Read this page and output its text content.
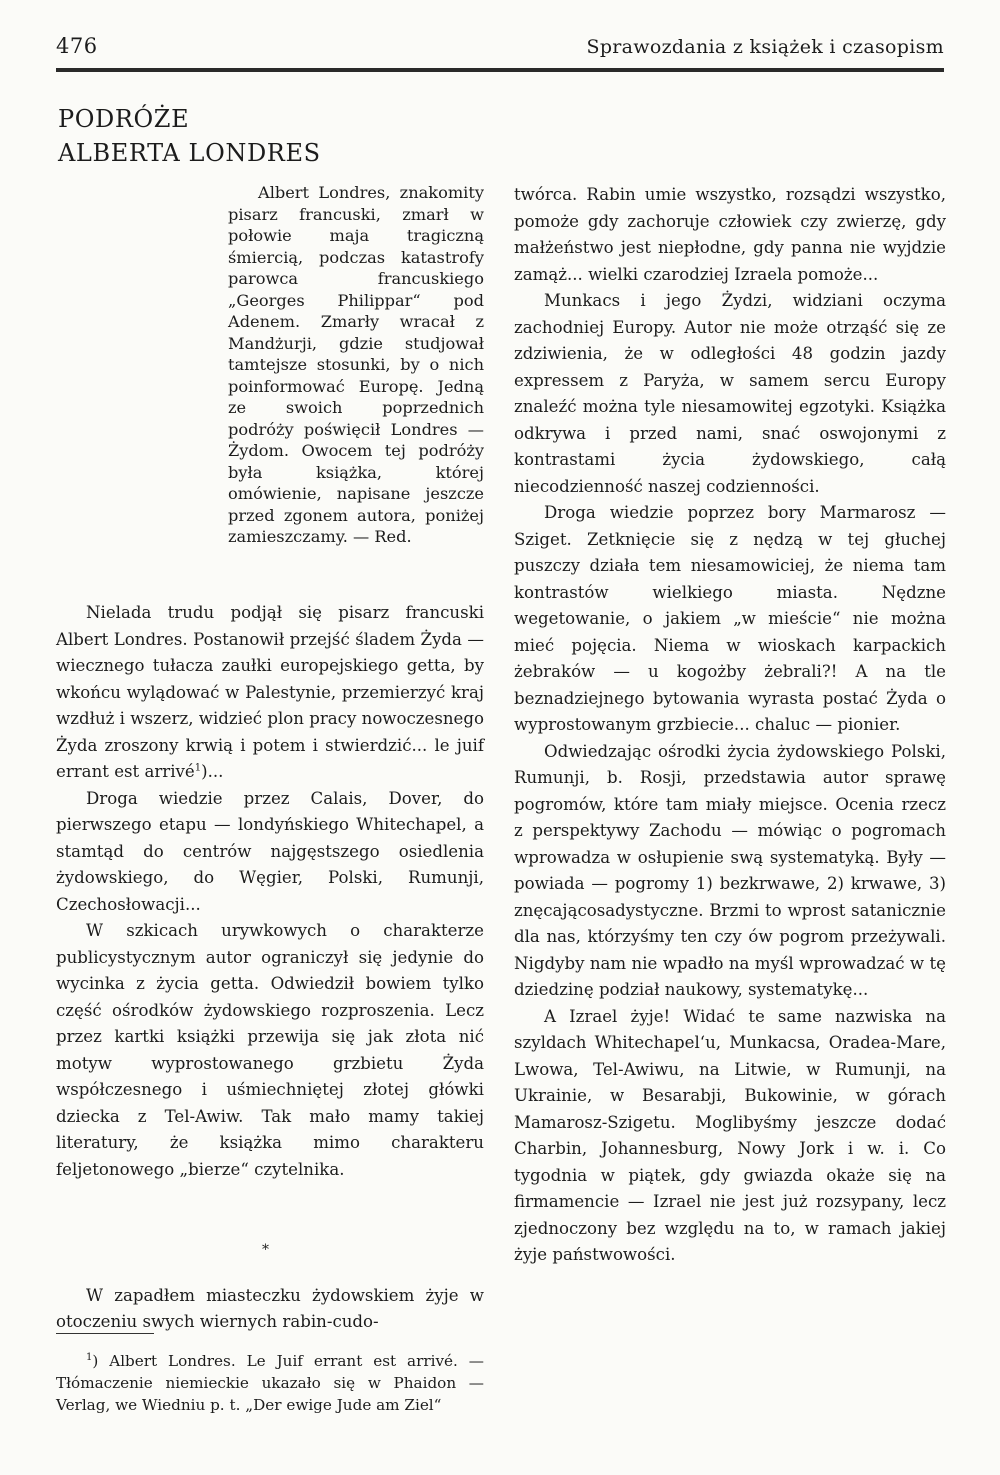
476	Sprawozdania z książek i czasopism
PODRÓŻE
ALBERTA LONDRES

Albert Londres, znakomity pisarz francuski, zmarł w połowie maja tragiczną śmiercią, podczas katastrofy parowca francuskiego „Georges Philippar“ pod Adenem. Zmarły wracał z Mandżurji, gdzie studjował tamtejsze stosunki, by o nich poinformować Europę. Jedną ze swoich poprzednich podróży poświęcił Londres — Żydom. Owocem tej podróży była książka, której omówienie, napisane jeszcze przed zgonem autora, poniżej zamieszczamy. — Red.

Nielada trudu podjął się pisarz francuski Albert Londres. Postanowił przejść śladem Żyda — wiecznego tułacza zaułki europejskiego getta, by wkońcu wylądować w Palestynie, przemierzyć kraj wzdłuż i wszerz, widzieć plon pracy nowoczesnego Żyda zroszony krwią i potem i stwierdzić... le juif errant est arrivé$^1$)...

Droga wiedzie przez Calais, Dover, do pierwszego etapu — londyńskiego Whitechapel, a stamtąd do centrów najgęstszego osiedlenia żydowskiego, do Węgier, Polski, Rumunji, Czechosłowacji...

W szkicach urywkowych o charakterze publicystycznym autor ograniczył się jedynie do wycinka z życia getta. Odwiedził bowiem tylko część ośrodków żydowskiego rozproszenia. Lecz przez kartki książki przewija się jak złota nić motyw wyprostowanego grzbietu Żyda współczesnego i uśmiechniętej złotej główki dziecka z Tel-Awiw. Tak mało mamy takiej literatury, że książka mimo charakteru feljetonowego „bierze“ czytelnika.

*

W zapadłem miasteczku żydowskiem żyje w otoczeniu swych wiernych rabin-cudo-

$^1$) Albert Londres. Le Juif errant est arrivé. — Tłómaczenie niemieckie ukazało się w Phaidon — Verlag, we Wiedniu p. t. „Der ewige Jude am Ziel“

twórca. Rabin umie wszystko, rozsądzi wszystko, pomoże gdy zachoruje człowiek czy zwierzę, gdy małżeństwo jest niepłodne, gdy panna nie wyjdzie zamąż... wielki czarodziej Izraela pomoże...

Munkacs i jego Żydzi, widziani oczyma zachodniej Europy. Autor nie może otrząść się ze zdziwienia, że w odległości 48 godzin jazdy expressem z Paryża, w samem sercu Europy znaleźć można tyle niesamowitej egzotyki. Książka odkrywa i przed nami, snać oswojonymi z kontrastami życia żydowskiego, całą niecodzienność naszej codzienności.

Droga wiedzie poprzez bory Marmarosz — Sziget. Zetknięcie się z nędzą w tej głuchej puszczy działa tem niesamowiciej, że niema tam kontrastów wielkiego miasta. Nędzne wegetowanie, o jakiem „w mieście“ nie można mieć pojęcia. Niema w wioskach karpackich żebraków — u kogożby żebrali?! A na tle beznadziejnego bytowania wyrasta postać Żyda o wyprostowanym grzbiecie... chaluc — pionier.

Odwiedzając ośrodki życia żydowskiego Polski, Rumunji, b. Rosji, przedstawia autor sprawę pogromów, które tam miały miejsce. Ocenia rzecz z perspektywy Zachodu — mówiąc o pogromach wprowadza w osłupienie swą systematyką. Były — powiada — pogromy 1) bezkrwawe, 2) krwawe, 3) znęcającosadystyczne. Brzmi to wprost satanicznie dla nas, którzyśmy ten czy ów pogrom przeżywali. Nigdyby nam nie wpadło na myśl wprowadzać w tę dziedzinę podział naukowy, systematykę...

A Izrael żyje! Widać te same nazwiska na szyldach Whitechapel‘u, Munkacsa, Oradea-Mare, Lwowa, Tel-Awiwu, na Litwie, w Rumunji, na Ukrainie, w Besarabji, Bukowinie, w górach Mamarosz-Szigetu. Moglibyśmy jeszcze dodać Charbin, Johannesburg, Nowy Jork i w. i. Co tygodnia w piątek, gdy gwiazda okaże się na firmamencie — Izrael nie jest już rozsypany, lecz zjednoczony bez względu na to, w ramach jakiej żyje państwowości.
